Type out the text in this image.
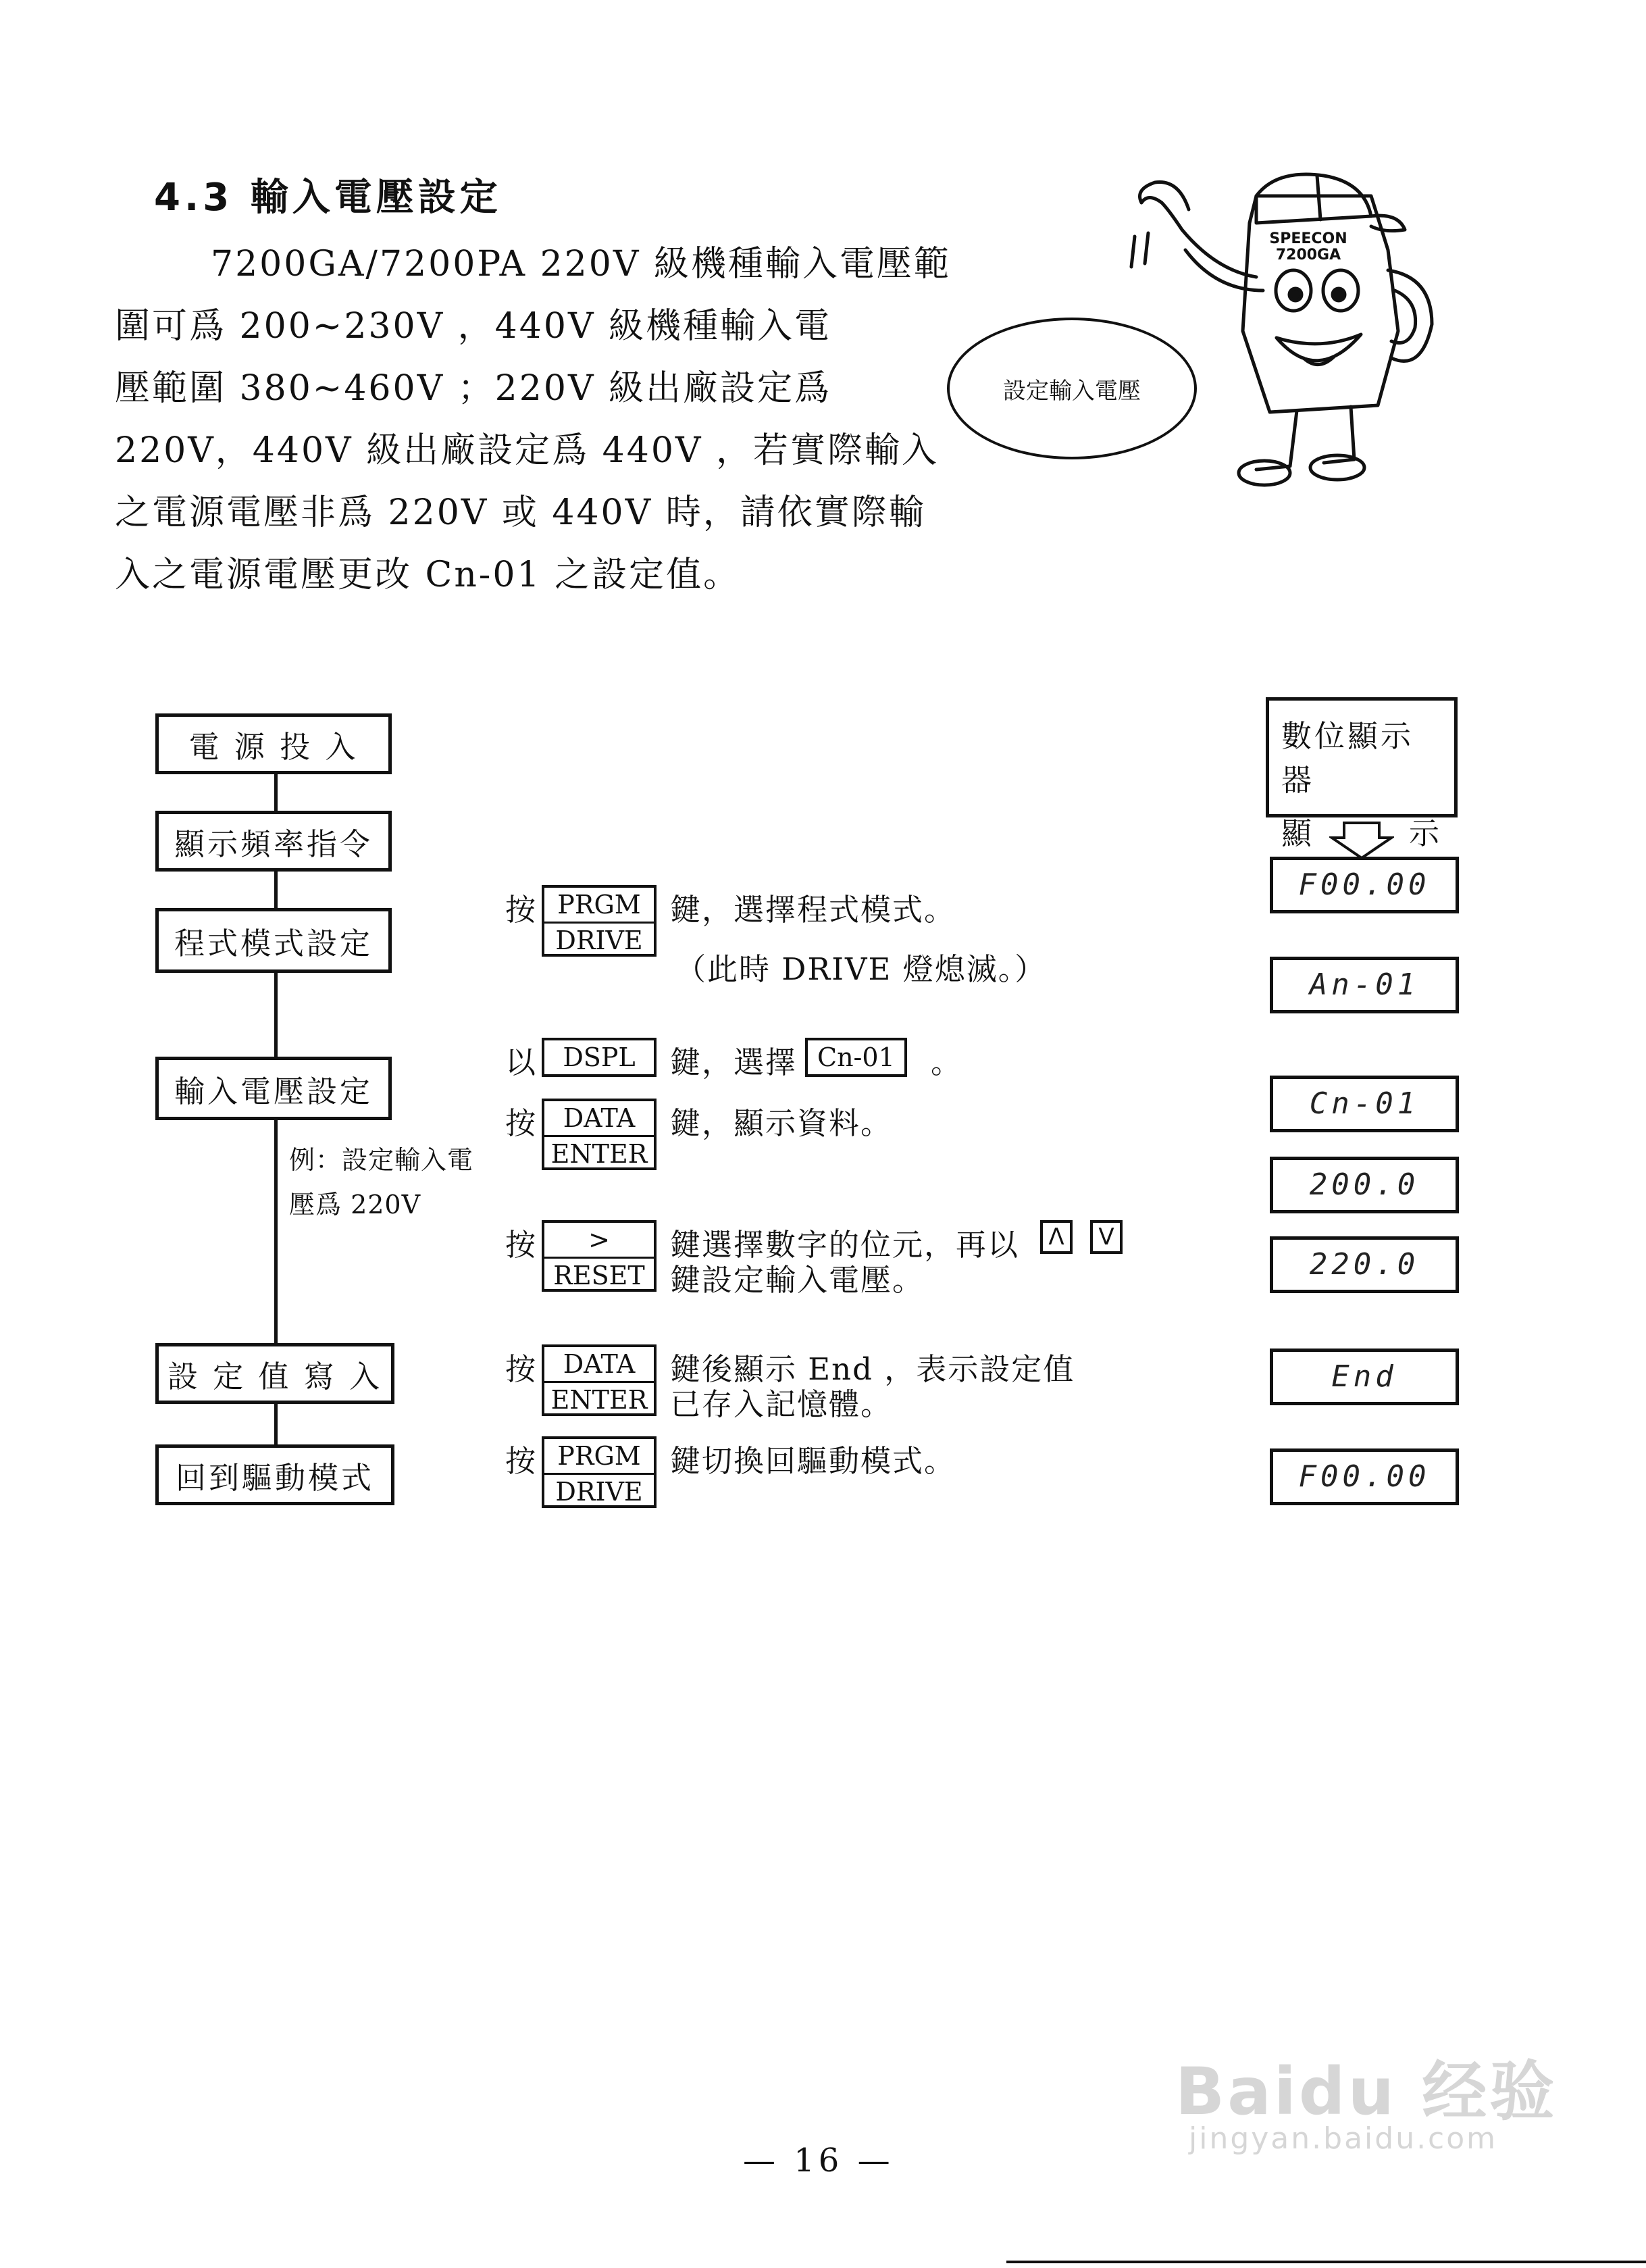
4.3 輸入電壓設定
7200GA/7200PA 220V 級機種輸入電壓範
圍可爲 200~230V ，440V 級機種輸入電
壓範圍 380~460V ；220V 級出廠設定爲
220V，440V 級出廠設定爲 440V ，若實際輸入
之電源電壓非爲 220V 或 440V 時，請依實際輸
入之電源電壓更改 Cn-01 之設定值。
SPEECON
7200GA
設定輸入電壓
電 源 投 入
顯示頻率指令
程式模式設定
輸入電壓設定
設 定 值 寫 入
回到驅動模式
例：設定輸入電
壓爲 220V
按 PRGM
DRIVE
鍵，選擇程式模式。
（此時 DRIVE 燈熄滅。）
以	DSPL	鍵，選擇 Cn-01	。
按	DATA
ENTER
鍵，顯示資料。
按	>
RESET
鍵選擇數字的位元，再以	Λ	V
鍵設定輸入電壓。
按	DATA
ENTER
鍵後顯示 End ，表示設定值
已存入記憶體。
按 PRGM
DRIVE
鍵切換回驅動模式。
數位顯示器
顯	示
F00.00
An-01
Cn-01
200.0
220.0
End
F00.00
— 16 —
Baidu 经验
jingyan.baidu.com
